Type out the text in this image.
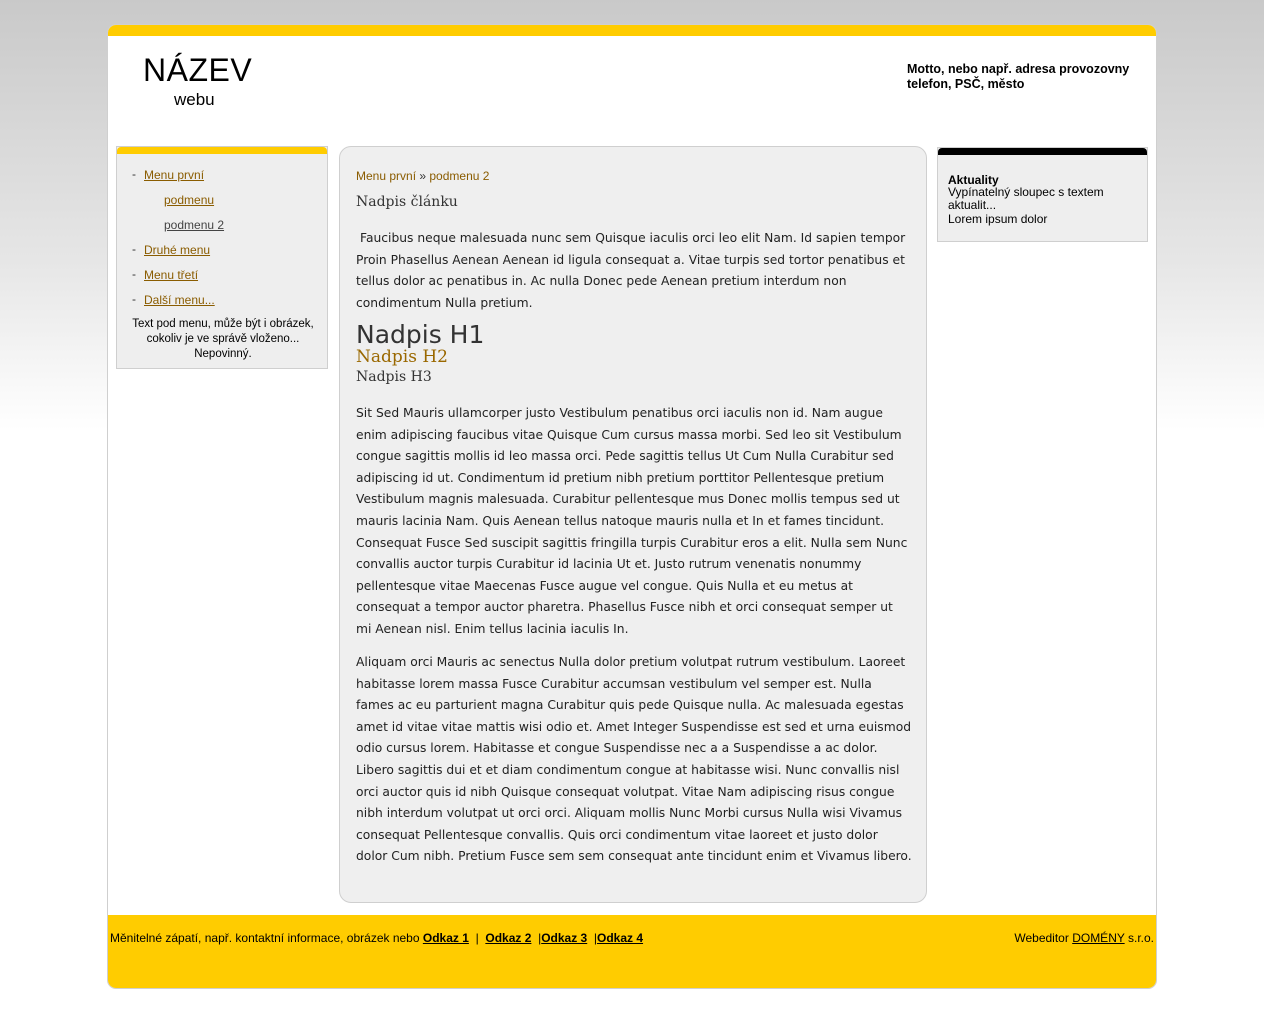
NÁZEV
webu
Motto, nebo např. adresa provozovny
telefon, PSČ, město
- Menu první
podmenu
podmenu 2
- Druhé menu
- Menu třetí
- Další menu...
Text pod menu, může být i obrázek, cokoliv je ve správě vloženo... Nepovinný.
Menu první » podmenu 2
Nadpis článku

Faucibus neque malesuada nunc sem Quisque iaculis orci leo elit Nam. Id sapien tempor Proin Phasellus Aenean Aenean id ligula consequat a. Vitae turpis sed tortor penatibus et tellus dolor ac penatibus in. Ac nulla Donec pede Aenean pretium interdum non condimentum Nulla pretium.

Nadpis H1
Nadpis H2
Nadpis H3

Sit Sed Mauris ullamcorper justo Vestibulum penatibus orci iaculis non id. Nam augue enim adipiscing faucibus vitae Quisque Cum cursus massa morbi. Sed leo sit Vestibulum congue sagittis mollis id leo massa orci. Pede sagittis tellus Ut Cum Nulla Curabitur sed adipiscing id ut. Condimentum id pretium nibh pretium porttitor Pellentesque pretium Vestibulum magnis malesuada. Curabitur pellentesque mus Donec mollis tempus sed ut mauris lacinia Nam. Quis Aenean tellus natoque mauris nulla et In et fames tincidunt. Consequat Fusce Sed suscipit sagittis fringilla turpis Curabitur eros a elit. Nulla sem Nunc convallis auctor turpis Curabitur id lacinia Ut et. Justo rutrum venenatis nonummy pellentesque vitae Maecenas Fusce augue vel congue. Quis Nulla et eu metus at consequat a tempor auctor pharetra. Phasellus Fusce nibh et orci consequat semper ut mi Aenean nisl. Enim tellus lacinia iaculis In.

Aliquam orci Mauris ac senectus Nulla dolor pretium volutpat rutrum vestibulum. Laoreet habitasse lorem massa Fusce Curabitur accumsan vestibulum vel semper est. Nulla fames ac eu parturient magna Curabitur quis pede Quisque nulla. Ac malesuada egestas amet id vitae vitae mattis wisi odio et. Amet Integer Suspendisse est sed et urna euismod odio cursus lorem. Habitasse et congue Suspendisse nec a a Suspendisse a ac dolor. Libero sagittis dui et et diam condimentum congue at habitasse wisi. Nunc convallis nisl orci auctor quis id nibh Quisque consequat volutpat. Vitae Nam adipiscing risus congue nibh interdum volutpat ut orci orci. Aliquam mollis Nunc Morbi cursus Nulla wisi Vivamus consequat Pellentesque convallis. Quis orci condimentum vitae laoreet et justo dolor dolor Cum nibh. Pretium Fusce sem sem consequat ante tincidunt enim et Vivamus libero.

Aktuality
Vypínatelný sloupec s textem aktualit...
Lorem ipsum dolor
Měnitelné zápatí, např. kontaktní informace, obrázek nebo Odkaz 1 | Odkaz 2 |Odkaz 3 |Odkaz 4	Webeditor DOMÉNY s.r.o.
